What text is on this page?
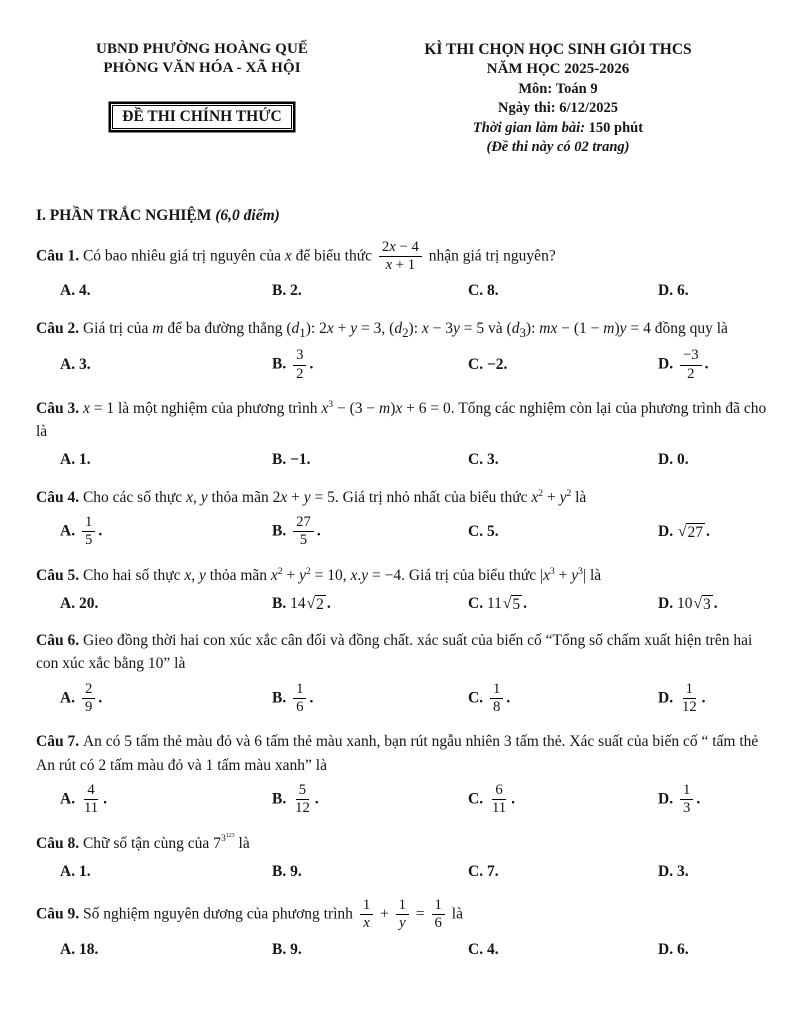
UBND PHƯỜNG HOÀNG QUẾ
PHÒNG VĂN HÓA - XÃ HỘI
ĐỀ THI CHÍNH THỨC
KÌ THI CHỌN HỌC SINH GIỎI THCS
NĂM HỌC 2025-2026
Môn: Toán 9
Ngày thi: 6/12/2025
Thời gian làm bài: 150 phút
(Đề thi này có 02 trang)
I. PHẦN TRẮC NGHIỆM (6,0 điểm)
Câu 1. Có bao nhiêu giá trị nguyên của x để biểu thức $\frac{2x - 4}{x + 1}$ nhận giá trị nguyên?
A. 4.	B. 2.	C. 8.	D. 6.
Câu 2. Giá trị của m để ba đường thẳng $(d_1)$: 2x + y = 3, $(d_2)$: x − 3y = 5 và $(d_3)$: mx − (1 − m)y = 4 đồng quy là
A. 3.	B. $\frac{3}{2}$ .	C. −2.	D. $\frac{-3}{2}$ .
Câu 3. x = 1 là một nghiệm của phương trình $x^3 - (3 - m)x + 6 = 0$. Tổng các nghiệm còn lại của phương trình đã cho là
A. 1.	B. −1.	C. 3.	D. 0.
Câu 4. Cho các số thực x, y thỏa mãn 2x + y = 5. Giá trị nhỏ nhất của biểu thức $x^2 + y^2$ là
A. $\frac{1}{5}$ .	B. $\frac{27}{5}$ .	C. 5.	D. √ 27 .
Câu 5. Cho hai số thực x, y thỏa mãn $x^2 + y^2 = 10$, x.y = −4. Giá trị của biểu thức $|x^3 + y^3|$ là
A. 20.	B. 14 √ 2 .	C. 11 √ 5 .	D. 10 √ 3 .
Câu 6. Gieo đồng thời hai con xúc xắc cân đối và đồng chất. xác suất của biến cố “Tổng số chấm xuất hiện trên hai con xúc xắc bằng 10” là
A. $\frac{2}{9}$ .	B. $\frac{1}{6}$ .	C. $\frac{1}{8}$ .	D. $\frac{1}{12}$ .
Câu 7. An có 5 tấm thẻ màu đỏ và 6 tấm thẻ màu xanh, bạn rút ngẫu nhiên 3 tấm thẻ. Xác suất của biến cố “ tấm thẻ An rút có 2 tấm màu đỏ và 1 tấm màu xanh” là
A. $\frac{4}{11}$ .	B. $\frac{5}{12}$ .	C. $\frac{6}{11}$ .	D. $\frac{1}{3}$ .
Câu 8. Chữ số tận cùng của $7^{3^{123}}$ là
A. 1.	B. 9.	C. 7.	D. 3.
Câu 9. Số nghiệm nguyên dương của phương trình $\frac{1}{x} + \frac{1}{y} = \frac{1}{6}$ là
A. 18.	B. 9.	C. 4.	D. 6.
